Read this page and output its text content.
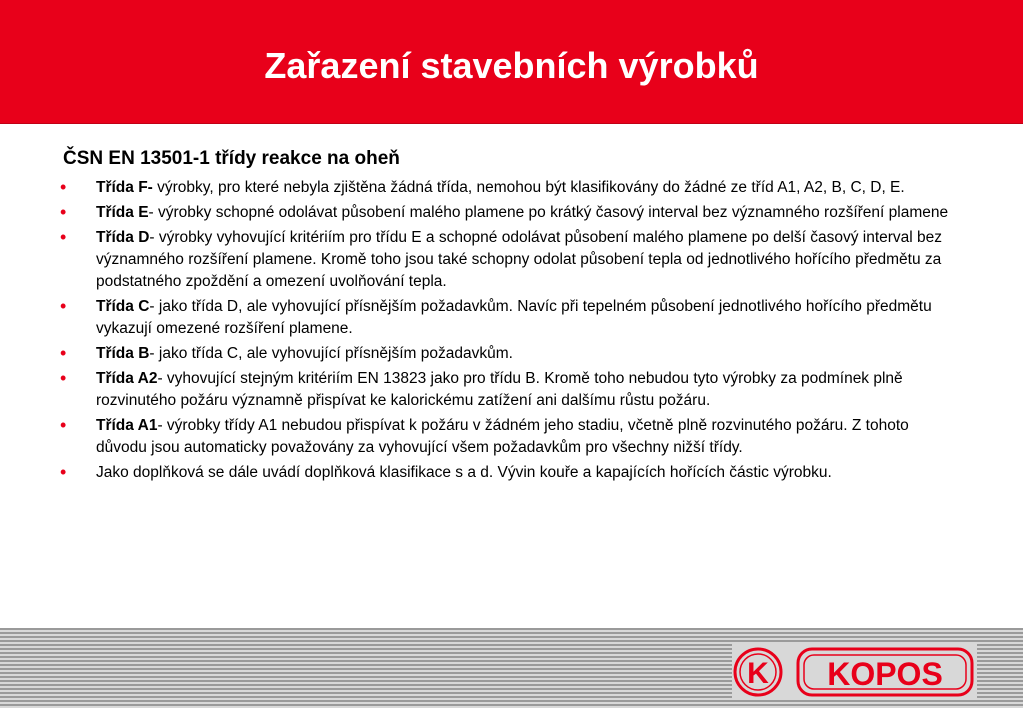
Zařazení stavebních výrobků
ČSN EN 13501-1 třídy reakce na oheň
• Třída F- výrobky, pro které nebyla zjištěna žádná třída, nemohou být klasifikovány do žádné ze tříd A1, A2, B, C, D, E.
• Třída E- výrobky schopné odolávat působení malého plamene po krátký časový interval bez významného rozšíření plamene
• Třída D- výrobky vyhovující kritériím pro třídu E a schopné odolávat působení malého plamene po delší časový interval bez významného rozšíření plamene. Kromě toho jsou také schopny odolat působení tepla od jednotlivého hořícího předmětu za podstatného zpoždění a omezení uvolňování tepla.
• Třída C- jako třída D, ale vyhovující přísnějším požadavkům. Navíc při tepelném působení jednotlivého hořícího předmětu vykazují omezené rozšíření plamene.
• Třída B- jako třída C, ale vyhovující přísnějším požadavkům.
• Třída A2- vyhovující stejným kritériím EN 13823 jako pro třídu B. Kromě toho nebudou tyto výrobky za podmínek plně rozvinutého požáru významně přispívat ke kalorickému zatížení ani dalšímu růstu požáru.
• Třída A1- výrobky třídy A1 nebudou přispívat k požáru v žádném jeho stadiu, včetně plně rozvinutého požáru. Z tohoto důvodu jsou automaticky považovány za vyhovující všem požadavkům pro všechny nižší třídy.
• Jako doplňková se dále uvádí doplňková klasifikace s a d. Vývin kouře a kapajících hořících částic výrobku.
K KOPOS
